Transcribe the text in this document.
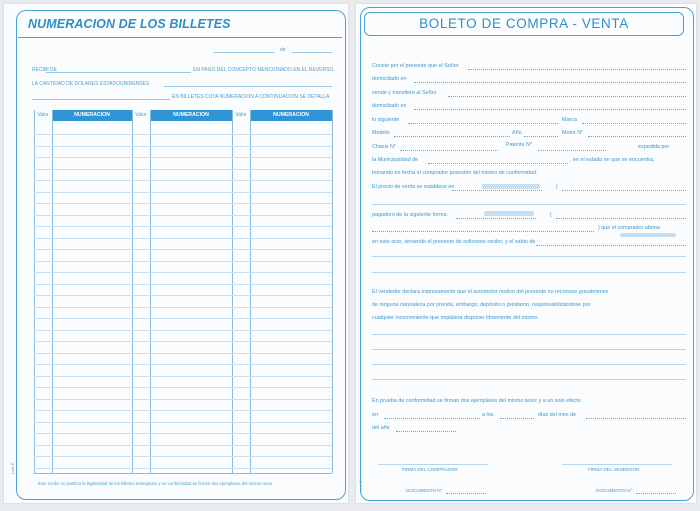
NUMERACION DE LOS BILLETES
de
RECIBI DE	EN PAGO DEL CONCEPTO MENCIONADO EN EL REVERSO,
LA CANTIDAD DE DOLARES ESTADOUNIDENSES
EN BILLETES CUYA NUMERACION A CONTINUACION SE DETALLA
Valor	NUMERACION	Valor	NUMERACION	Valor	NUMERACION
Este recibo no justifica la legitimidad de los billetes entregados y en conformidad se firman dos ejemplares del mismo tenor.
Lote E
BOLETO DE COMPRA - VENTA
Conste por el presente que el Señor
domiciliado en
vende y transfiere al Señor
domiciliado en
lo siguiente	Marca
Modelo	Año	Motor N°
Chasis N°	Patente N°	expedida por
la Municipalidad de	, en el estado en que se encuentra,
tomando en fecha el comprador posesión del mismo de conformidad.
El precio de venta se establece en	(
pagadero de la siguiente forma:	(
) que el comprador abona
en este acto, sirviendo el presente de suficiente recibo; y el saldo de
El vendedor declara expresamente que el automotor motivo del presente no reconoce gravámenes
de ninguna naturaleza por prenda, embargo, depósito o préstamo, responsabilizándose por
cualquier inconveniente que impidiera disponer libremente del mismo.
En prueba de conformidad se firman dos ejemplares del mismo tenor y a un solo efecto
en	a los	días del mes de
del año
FIRMA DEL COMPRADOR	FIRMA DEL VENDEDOR
DOCUMENTO N°	DOCUMENTO N°
Lote E
